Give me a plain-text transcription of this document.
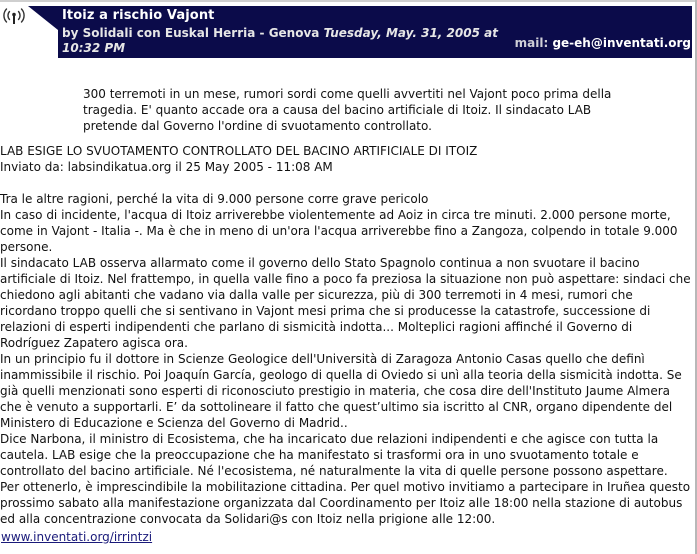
Itoiz a rischio Vajont
by Solidali con Euskal Herria - Genova Tuesday, May. 31, 2005 at 10:32 PM	mail: ge-eh@inventati.org
300 terremoti in un mese, rumori sordi come quelli avvertiti nel Vajont poco prima della tragedia. E' quanto accade ora a causa del bacino artificiale di Itoiz. Il sindacato LAB pretende dal Governo l'ordine di svuotamento controllato.

LAB ESIGE LO SVUOTAMENTO CONTROLLATO DEL BACINO ARTIFICIALE DI ITOIZ

Inviato da: labsindikatua.org il 25 May 2005 - 11:08 AM

Tra le altre ragioni, perché la vita di 9.000 persone corre grave pericolo

In caso di incidente, l'acqua di Itoiz arriverebbe violentemente ad Aoiz in circa tre minuti. 2.000 persone morte, come in Vajont - Italia -. Ma è che in meno di un'ora l'acqua arriverebbe fino a Zangoza, colpendo in totale 9.000 persone.

Il sindacato LAB osserva allarmato come il governo dello Stato Spagnolo continua a non svuotare il bacino artificiale di Itoiz. Nel frattempo, in quella valle fino a poco fa preziosa la situazione non può aspettare: sindaci che chiedono agli abitanti che vadano via dalla valle per sicurezza, più di 300 terremoti in 4 mesi, rumori che ricordano troppo quelli che si sentivano in Vajont mesi prima che si producesse la catastrofe, successione di relazioni di esperti indipendenti che parlano di sismicità indotta... Molteplici ragioni affinché il Governo di Rodríguez Zapatero agisca ora.

In un principio fu il dottore in Scienze Geologice dell'Università di Zaragoza Antonio Casas quello che definì inammissibile il rischio. Poi Joaquín García, geologo di quella di Oviedo si unì alla teoria della sismicità indotta. Se già quelli menzionati sono esperti di riconosciuto prestigio in materia, che cosa dire dell'Instituto Jaume Almera che è venuto a supportarli. E’ da sottolineare il fatto che quest’ultimo sia iscritto al CNR, organo dipendente del Ministero di Educazione e Scienza del Governo di Madrid..

Dice Narbona, il ministro di Ecosistema, che ha incaricato due relazioni indipendenti e che agisce con tutta la cautela. LAB esige che la preoccupazione che ha manifestato si trasformi ora in uno svuotamento totale e controllato del bacino artificiale. Né l'ecosistema, né naturalmente la vita di quelle persone possono aspettare.

Per ottenerlo, è imprescindibile la mobilitazione cittadina. Per quel motivo invitiamo a partecipare in Iruñea questo prossimo sabato alla manifestazione organizzata dal Coordinamento per Itoiz alle 18:00 nella stazione di autobus ed alla concentrazione convocata da Solidari@s con Itoiz nella prigione alle 12:00.

www.inventati.org/irrintzi
